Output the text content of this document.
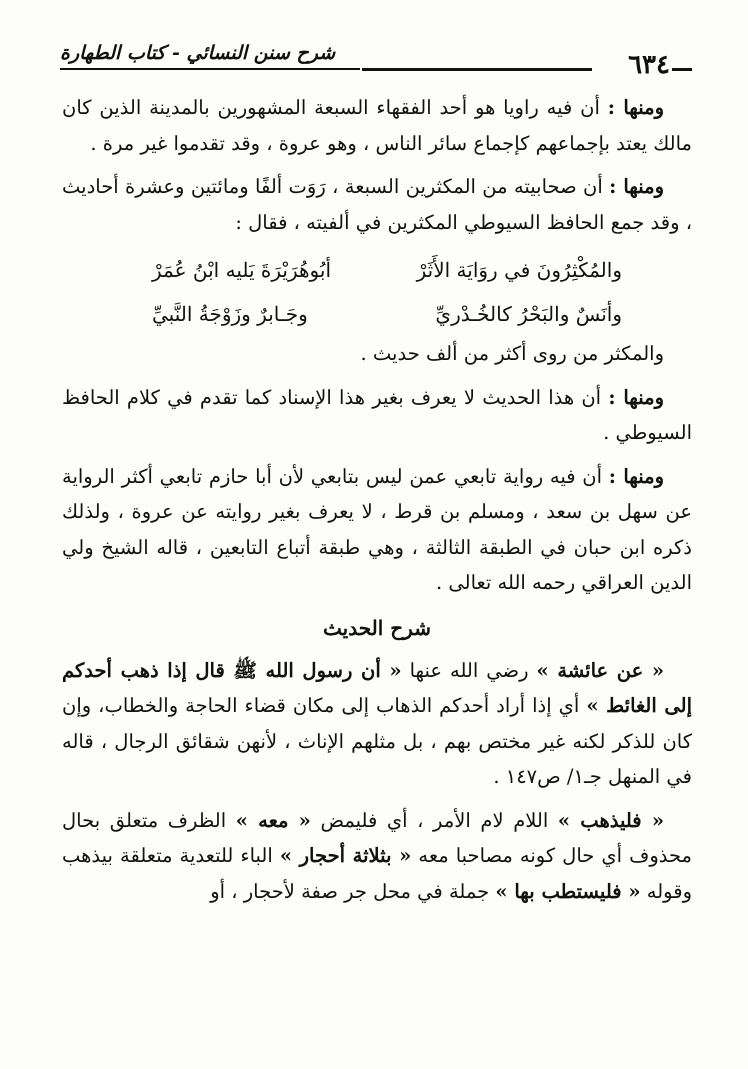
٦٣٤
شرح سنن النسائي - كتاب الطهارة

ومنها : أن فيه راويا هو أحد الفقهاء السبعة المشهورين بالمدينة الذين كان مالك يعتد بإجماعهم كإجماع سائر الناس ، وهو عروة ، وقد تقدموا غير مرة .

ومنها : أن صحابيته من المكثرين السبعة ، رَوَت ألفًا ومائتين وعشرة أحاديث ، وقد جمع الحافظ السيوطي المكثرين في ألفيته ، فقال :

والمُكْثِرُونَ في روَايَة الأَثَرْ
أبُوهُرَيْرَةَ يَليه ابْنُ عُمَرْ
وأنَسٌ والبَحْرُ كالخُـدْريِّ
وجَـابرٌ وزَوْجَةُ النَّبيِّ

والمكثر من روى أكثر من ألف حديث .

ومنها : أن هذا الحديث لا يعرف بغير هذا الإسناد كما تقدم في كلام الحافظ السيوطي .

ومنها : أن فيه رواية تابعي عمن ليس بتابعي لأن أبا حازم تابعي أكثر الرواية عن سهل بن سعد ، ومسلم بن قرط ، لا يعرف بغير روايته عن عروة ، ولذلك ذكره ابن حبان في الطبقة الثالثة ، وهي طبقة أتباع التابعين ، قاله الشيخ ولي الدين العراقي رحمه الله تعالى .

شرح الحديث

« عن عائشة » رضي الله عنها « أن رسول الله ﷺ قال إذا ذهب أحدكم إلى الغائط » أي إذا أراد أحدكم الذهاب إلى مكان قضاء الحاجة والخطاب، وإن كان للذكر لكنه غير مختص بهم ، بل مثلهم الإناث ، لأنهن شقائق الرجال ، قاله في المنهل جـ١/ ص١٤٧ .

« فليذهب » اللام لام الأمر ، أي فليمض « معه » الظرف متعلق بحال محذوف أي حال كونه مصاحبا معه « بثلاثة أحجار » الباء للتعدية متعلقة بيذهب وقوله « فليستطب بها » جملة في محل جر صفة لأحجار ، أو
